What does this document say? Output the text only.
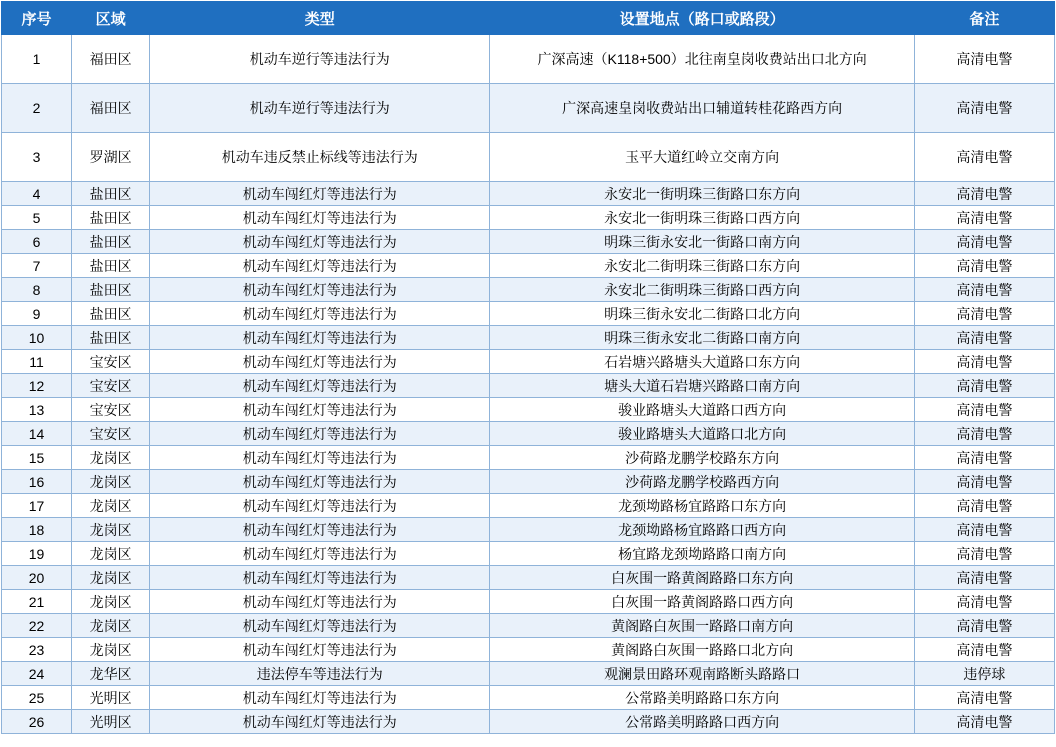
序号	区域	类型	设置地点（路口或路段）	备注
1	福田区	机动车逆行等违法行为	广深高速（K118+500）北往南皇岗收费站出口北方向	高清电警
2	福田区	机动车逆行等违法行为	广深高速皇岗收费站出口辅道转桂花路西方向	高清电警
3	罗湖区	机动车违反禁止标线等违法行为	玉平大道红岭立交南方向	高清电警
4	盐田区	机动车闯红灯等违法行为	永安北一街明珠三街路口东方向	高清电警
5	盐田区	机动车闯红灯等违法行为	永安北一街明珠三街路口西方向	高清电警
6	盐田区	机动车闯红灯等违法行为	明珠三街永安北一街路口南方向	高清电警
7	盐田区	机动车闯红灯等违法行为	永安北二街明珠三街路口东方向	高清电警
8	盐田区	机动车闯红灯等违法行为	永安北二街明珠三街路口西方向	高清电警
9	盐田区	机动车闯红灯等违法行为	明珠三街永安北二街路口北方向	高清电警
10	盐田区	机动车闯红灯等违法行为	明珠三街永安北二街路口南方向	高清电警
11	宝安区	机动车闯红灯等违法行为	石岩塘兴路塘头大道路口东方向	高清电警
12	宝安区	机动车闯红灯等违法行为	塘头大道石岩塘兴路路口南方向	高清电警
13	宝安区	机动车闯红灯等违法行为	骏业路塘头大道路口西方向	高清电警
14	宝安区	机动车闯红灯等违法行为	骏业路塘头大道路口北方向	高清电警
15	龙岗区	机动车闯红灯等违法行为	沙荷路龙鹏学校路东方向	高清电警
16	龙岗区	机动车闯红灯等违法行为	沙荷路龙鹏学校路西方向	高清电警
17	龙岗区	机动车闯红灯等违法行为	龙颈坳路杨宜路路口东方向	高清电警
18	龙岗区	机动车闯红灯等违法行为	龙颈坳路杨宜路路口西方向	高清电警
19	龙岗区	机动车闯红灯等违法行为	杨宜路龙颈坳路路口南方向	高清电警
20	龙岗区	机动车闯红灯等违法行为	白灰围一路黄阁路路口东方向	高清电警
21	龙岗区	机动车闯红灯等违法行为	白灰围一路黄阁路路口西方向	高清电警
22	龙岗区	机动车闯红灯等违法行为	黄阁路白灰围一路路口南方向	高清电警
23	龙岗区	机动车闯红灯等违法行为	黄阁路白灰围一路路口北方向	高清电警
24	龙华区	违法停车等违法行为	观澜景田路环观南路断头路路口	违停球
25	光明区	机动车闯红灯等违法行为	公常路美明路路口东方向	高清电警
26	光明区	机动车闯红灯等违法行为	公常路美明路路口西方向	高清电警
